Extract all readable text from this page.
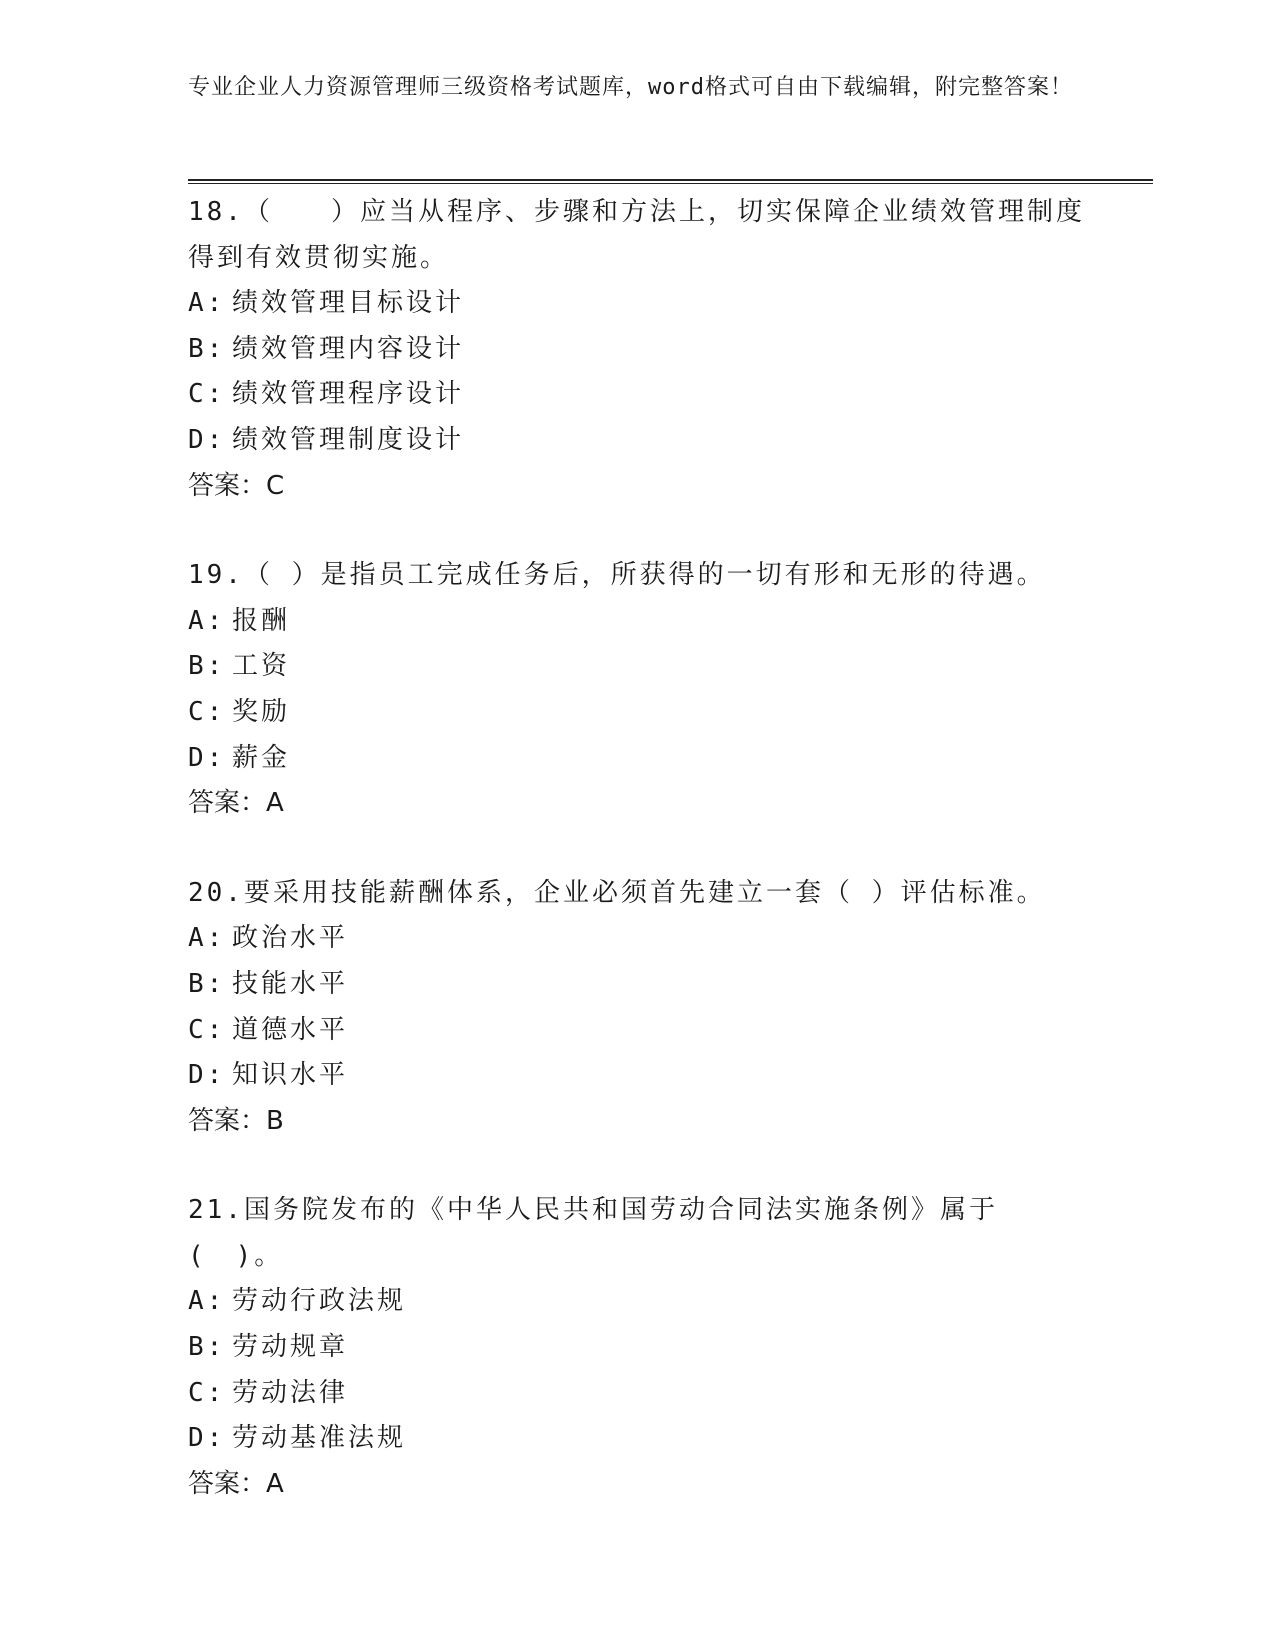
专业企业人力资源管理师三级资格考试题库，word格式可自由下载编辑，附完整答案！
18.（　　）应当从程序、步骤和方法上，切实保障企业绩效管理制度得到有效贯彻实施。
A: 绩效管理目标设计
B: 绩效管理内容设计
C: 绩效管理程序设计
D: 绩效管理制度设计
答案：C
19.（ ）是指员工完成任务后，所获得的一切有形和无形的待遇。
A: 报酬
B: 工资
C: 奖励
D: 薪金
答案：A
20.要采用技能薪酬体系，企业必须首先建立一套（ ）评估标准。
A: 政治水平
B: 技能水平
C: 道德水平
D: 知识水平
答案：B
21.国务院发布的《中华人民共和国劳动合同法实施条例》属于(　)。
A: 劳动行政法规
B: 劳动规章
C: 劳动法律
D: 劳动基准法规
答案：A
